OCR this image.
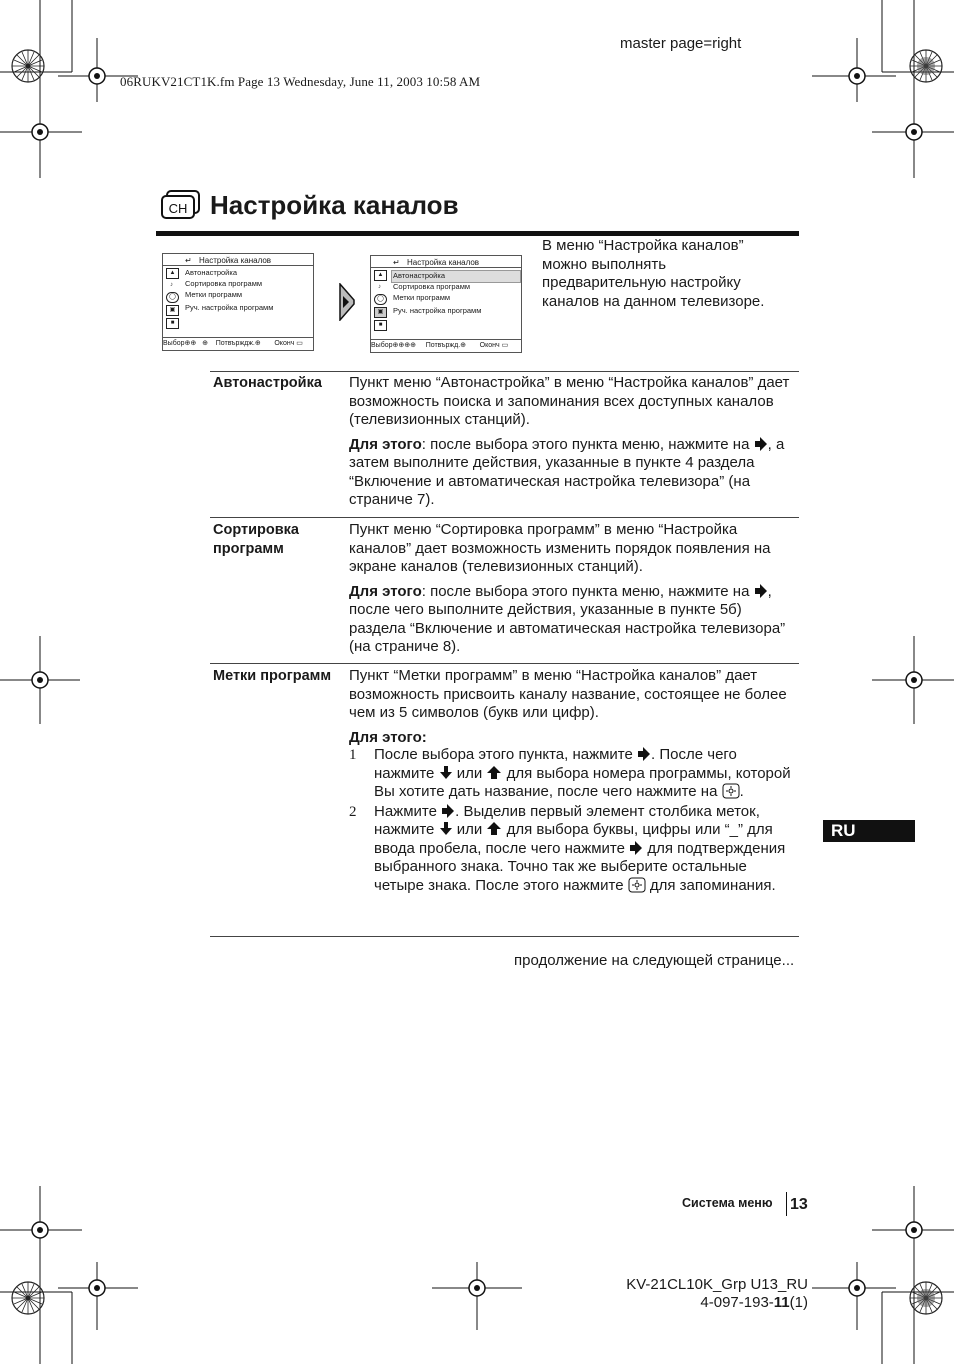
master page=right
06RUKV21CT1K.fm Page 13 Wednesday, June 11, 2003 10:58 AM
CH Настройка каналов
↵ Настройка каналов
▲
♪
◯
▣
■
Автонастройка
Сортировка программ
Метки программ
Руч. настройка программ
Выбор⊕⊕   ⊕    Потвърждж.⊕       Оконч ▭
↵ Настройка каналов
▲
♪
◯
▣
■
Автонастройка
Сортировка программ
Метки программ
Руч. настройка программ
Выбор⊕⊕⊕⊕     Потвържд.⊕       Оконч ▭
В меню “Настройка каналов” можно выполнять предварительную настройку каналов на данном телевизоре.
Автонастройка Пункт меню “Автонастройка” в меню “Настройка каналов” дает возможность поиска и запоминания всех доступных каналов (телевизионных станций).
Для этого: после выбора этого пункта меню, нажмите на , а затем выполните действия, указанные в пункте 4 раздела “Включение и автоматическая настройка телевизора” (на страниче 7).
Сортировка программ
Пункт меню “Сортировка программ” в меню “Настройка каналов” дает возможность изменить порядок появления на экране каналов (телевизионных станций).
Для этого: после выбора этого пункта меню, нажмите на , после чего выполните действия, указанные в пункте 5б) раздела “Включение и автоматическая настройка телевизора” (на страниче 8).
Метки программ Пункт “Метки программ” в меню “Настройка каналов” дает возможность присвоить каналу название, состоящее не более чем из 5 символов (букв или цифр).
Для этого:
1 После выбора этого пункта, нажмите . После чего нажмите  или  для выбора номера программы, которой Вы хотите дать название, после чего нажмите на .
2 Нажмите . Выделив первый элемент столбика меток, нажмите  или  для выбора буквы, цифры или “_” для ввода пробела, после чего нажмите  для подтверждения выбранного знака. Точно так же выберите остальные четыре знака. После этого нажмите  для запоминания.
RU
продолжение на следующей странице...
Система меню 13
KV-21CL10K_Grp U13_RU
4-097-193-11(1)
